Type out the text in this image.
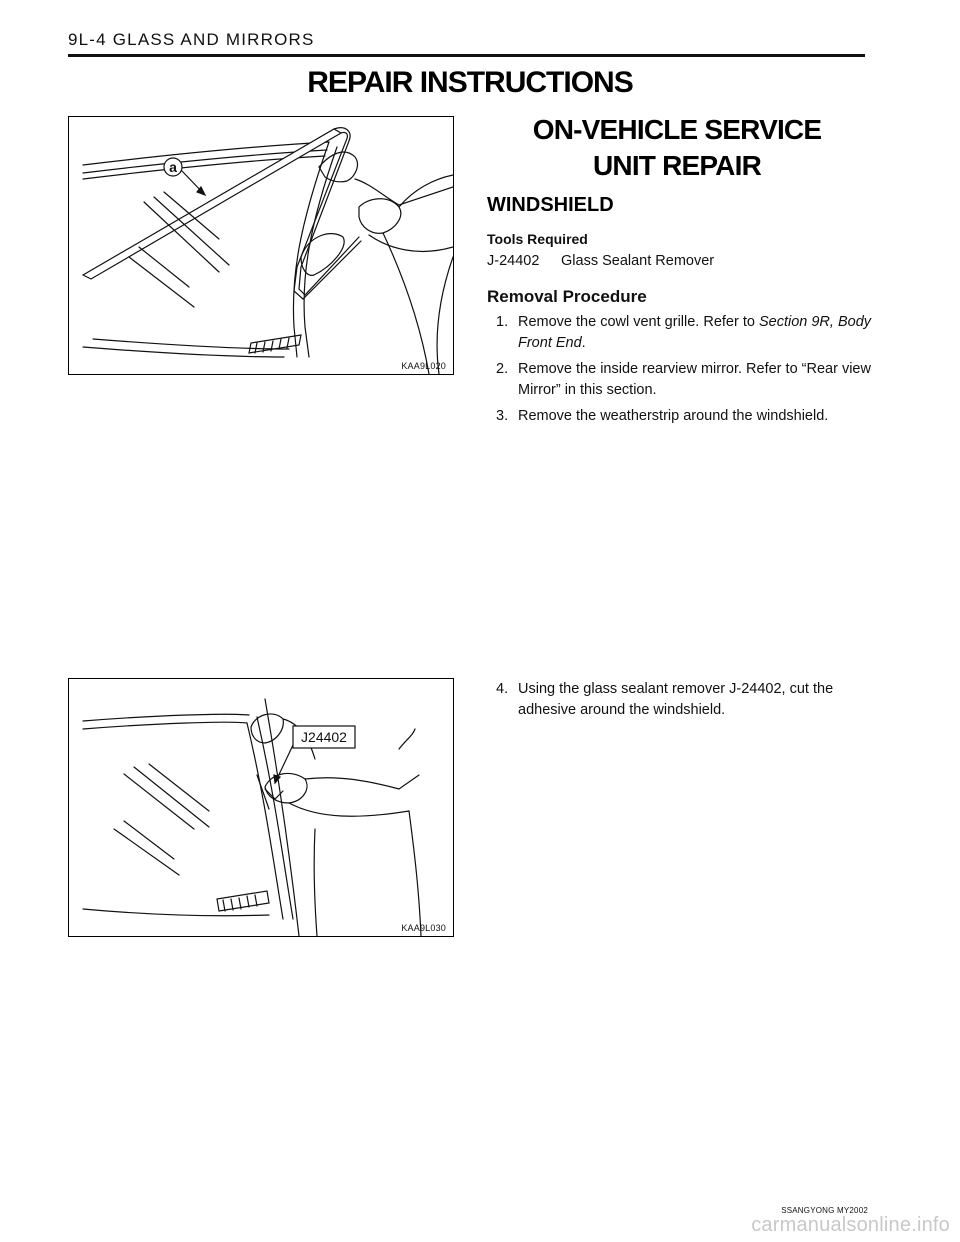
9L-4 GLASS AND MIRRORS
REPAIR INSTRUCTIONS
a
KAA9L020
J24402
KAA9L030
ON-VEHICLE SERVICE
UNIT REPAIR
WINDSHIELD
Tools Required
J-24402 Glass Sealant Remover
Removal Procedure
1. Remove the cowl vent grille. Refer to Section 9R, Body Front End.
2. Remove the inside rearview mirror. Refer to “Rear view Mirror” in this section.
3. Remove the weatherstrip around the windshield.
4. Using the glass sealant remover J-24402, cut the adhesive around the windshield.
SSANGYONG MY2002
carmanualsonline.info
